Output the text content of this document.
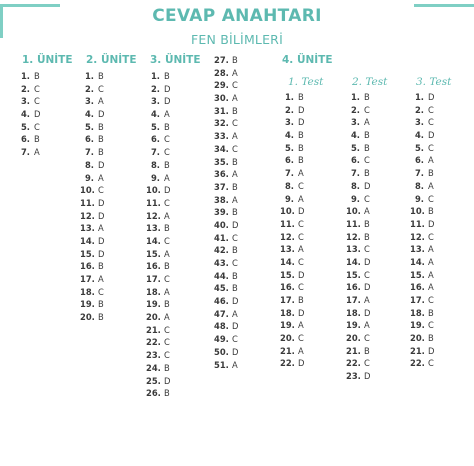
CEVAP ANAHTARI
FEN BİLİMLERİ
1. ÜNİTE 2. ÜNİTE 3. ÜNİTE	4. ÜNİTE
1. Test	2. Test	3. Test
1. B
2. C
3. C
4. D
5. C
6. B
7. A
1. B
2. C
3. A
4. D
5. B
6. B
7. B
8. D
9. A
10. C
11. D
12. D
13. A
14. D
15. D
16. B
17. A
18. C
19. B
20. B
1. B
2. D
3. D
4. A
5. B
6. C
7. C
8. B
9. A
10. D
11. C
12. A
13. B
14. C
15. A
16. B
17. C
18. A
19. B
20. A
21. C
22. C
23. C
24. B
25. D
26. B
27. B
28. A
29. C
30. A
31. B
32. C
33. A
34. C
35. B
36. A
37. B
38. A
39. B
40. D
41. C
42. B
43. C
44. B
45. B
46. D
47. A
48. D
49. C
50. D
51. A
1. B
2. D
3. D
4. B
5. B
6. B
7. A
8. C
9. A
10. D
11. C
12. C
13. A
14. C
15. D
16. C
17. B
18. D
19. A
20. C
21. A
22. D
1. B
2. C
3. A
4. B
5. B
6. C
7. B
8. D
9. C
10. A
11. B
12. B
13. C
14. D
15. C
16. D
17. A
18. D
19. A
20. C
21. B
22. C
23. D
1. D
2. C
3. C
4. D
5. C
6. A
7. B
8. A
9. C
10. B
11. D
12. C
13. A
14. A
15. A
16. A
17. C
18. B
19. C
20. B
21. D
22. C
